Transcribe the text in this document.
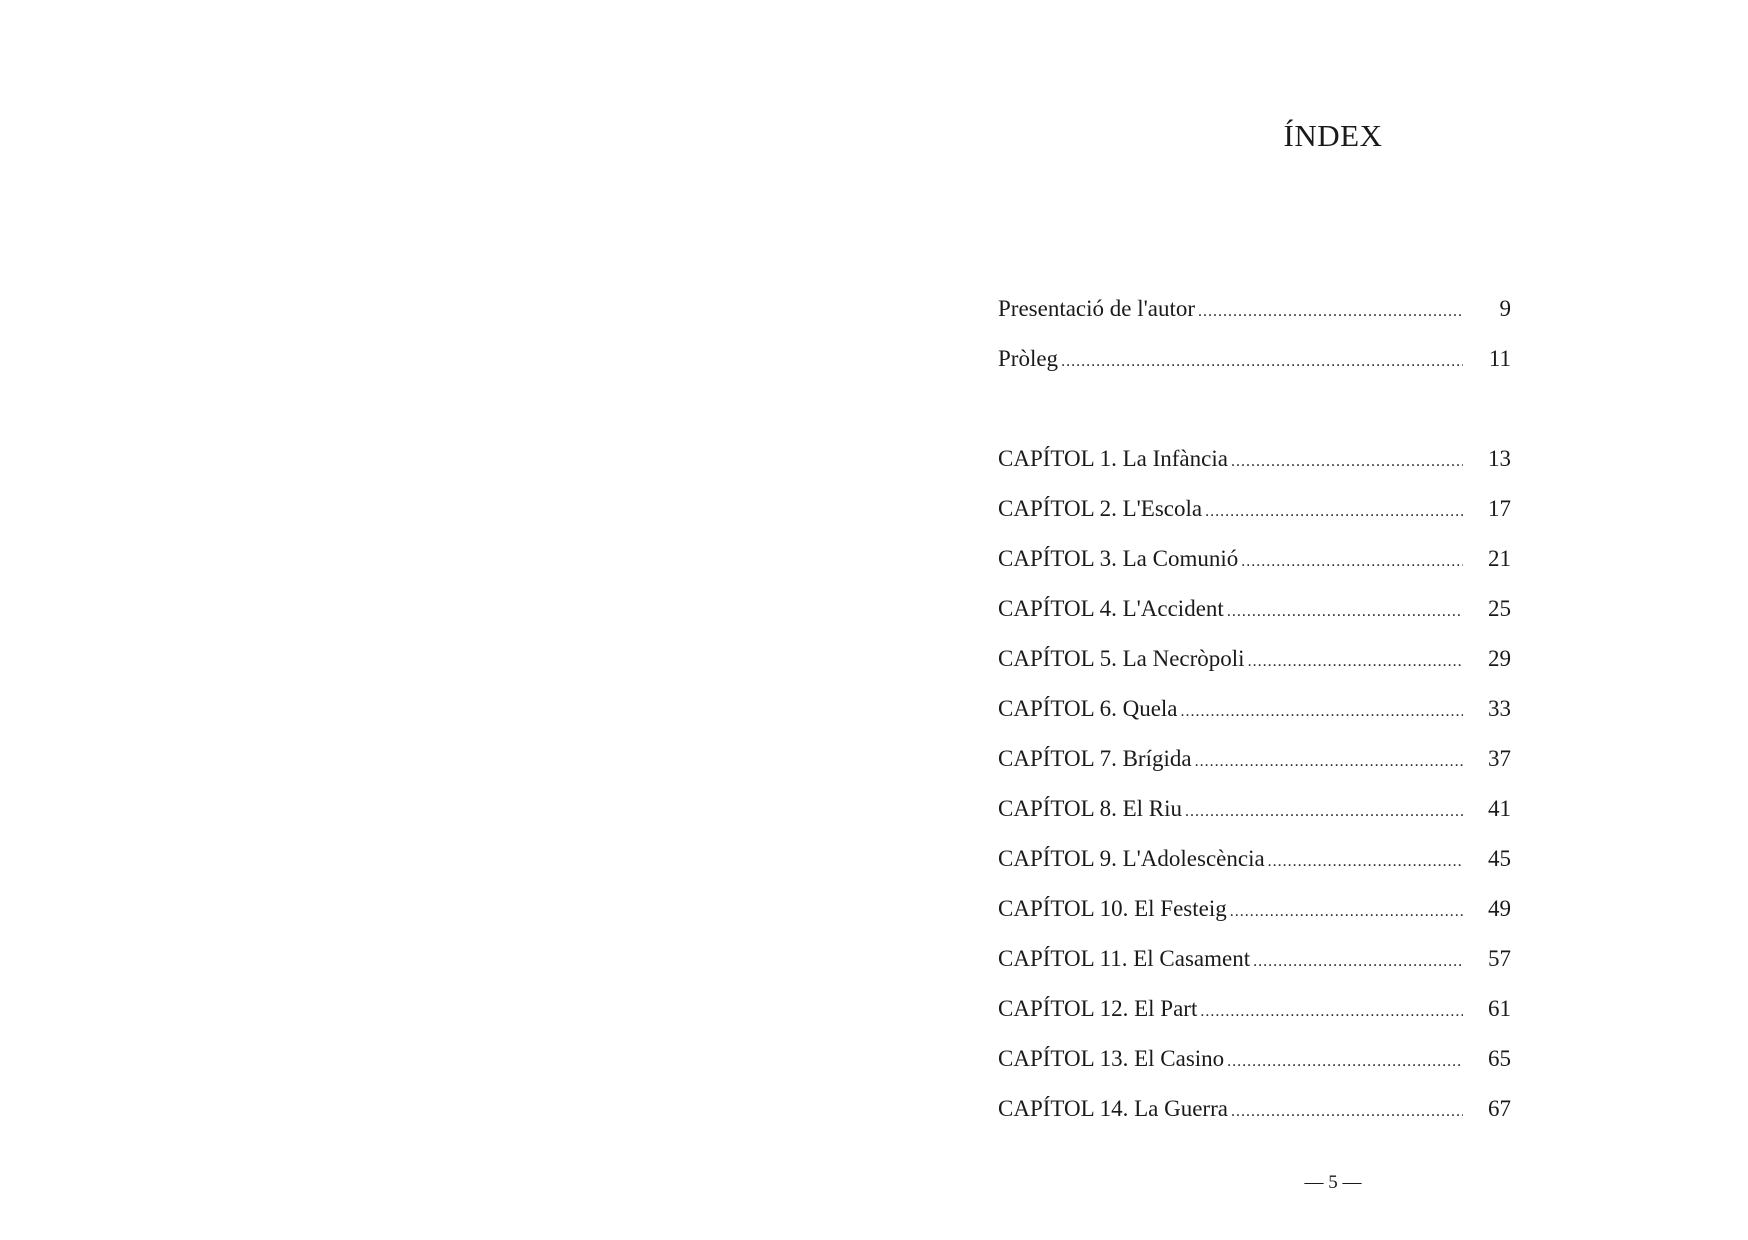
ÍNDEX
Presentació de l'autor .....	9
Pròleg .....	11
CAPÍTOL 1. La Infància .....	13
CAPÍTOL 2. L'Escola .....	17
CAPÍTOL 3. La Comunió .....	21
CAPÍTOL 4. L'Accident .....	25
CAPÍTOL 5. La Necròpoli .....	29
CAPÍTOL 6. Quela .....	33
CAPÍTOL 7. Brígida .....	37
CAPÍTOL 8. El Riu .....	41
CAPÍTOL 9. L'Adolescència .....	45
CAPÍTOL 10. El Festeig .....	49
CAPÍTOL 11. El Casament .....	57
CAPÍTOL 12. El Part .....	61
CAPÍTOL 13. El Casino .....	65
CAPÍTOL 14. La Guerra .....	67
— 5 —
